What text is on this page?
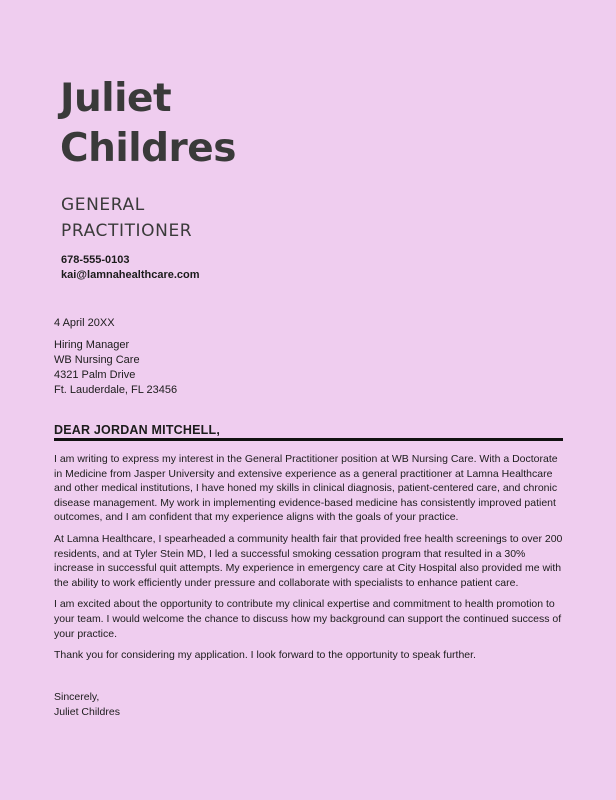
Juliet
Childres
GENERAL
PRACTITIONER
678-555-0103
kai@lamnahealthcare.com
4 April 20XX
Hiring Manager
WB Nursing Care
4321 Palm Drive
Ft. Lauderdale, FL 23456
DEAR JORDAN MITCHELL,

I am writing to express my interest in the General Practitioner position at WB Nursing Care. With a Doctorate in Medicine from Jasper University and extensive experience as a general practitioner at Lamna Healthcare and other medical institutions, I have honed my skills in clinical diagnosis, patient-centered care, and chronic disease management. My work in implementing evidence-based medicine has consistently improved patient outcomes, and I am confident that my experience aligns with the goals of your practice.

At Lamna Healthcare, I spearheaded a community health fair that provided free health screenings to over 200 residents, and at Tyler Stein MD, I led a successful smoking cessation program that resulted in a 30% increase in successful quit attempts. My experience in emergency care at City Hospital also provided me with the ability to work efficiently under pressure and collaborate with specialists to enhance patient care.

I am excited about the opportunity to contribute my clinical expertise and commitment to health promotion to your team. I would welcome the chance to discuss how my background can support the continued success of your practice.

Thank you for considering my application. I look forward to the opportunity to speak further.

Sincerely,
Juliet Childres
